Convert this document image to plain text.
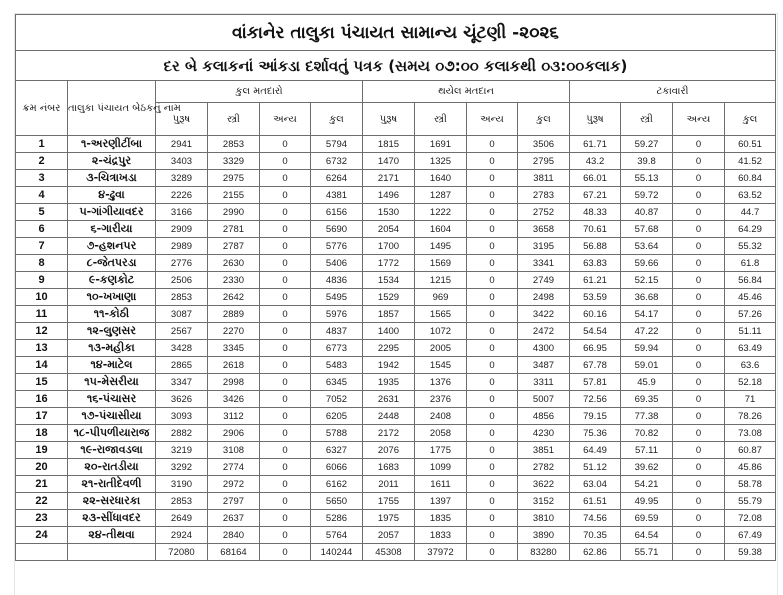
વાંકાનેર તાલુકા પંચાયત સામાન્ય ચૂંટણી -૨૦૨૬													
દર બે કલાકનાં આંકડા દર્શાવતું પત્રક (સમય ૦૭:૦૦ કલાકથી ૦૩:૦૦કલાક)													
ક્રમ નંબર	તાલુકા પંચાયત બેઠકનું નામ	કુલ મતદારો				થયેલ મતદાન				ટકાવારી			
		પુરૂષ	સ્ત્રી	અન્ય	કુલ	પુરૂષ	સ્ત્રી	અન્ય	કુલ	પુરૂષ	સ્ત્રી	અન્ય	કુલ
1	૧-અરણીટીંબા	2941	2853	0	5794	1815	1691	0	3506	61.71	59.27	0	60.51
2	૨-ચંદ્રપુર	3403	3329	0	6732	1470	1325	0	2795	43.2	39.8	0	41.52
3	૩-ચિત્રાખડા	3289	2975	0	6264	2171	1640	0	3811	66.01	55.13	0	60.84
4	૪-ઢુવા	2226	2155	0	4381	1496	1287	0	2783	67.21	59.72	0	63.52
5	૫-ગાંગીયાવદર	3166	2990	0	6156	1530	1222	0	2752	48.33	40.87	0	44.7
6	૬-ગારીયા	2909	2781	0	5690	2054	1604	0	3658	70.61	57.68	0	64.29
7	૭-હશનપર	2989	2787	0	5776	1700	1495	0	3195	56.88	53.64	0	55.32
8	૮-જેતપરડા	2776	2630	0	5406	1772	1569	0	3341	63.83	59.66	0	61.8
9	૯-કણકોટ	2506	2330	0	4836	1534	1215	0	2749	61.21	52.15	0	56.84
10	૧૦-ખખાણા	2853	2642	0	5495	1529	969	0	2498	53.59	36.68	0	45.46
11	૧૧-કોઠી	3087	2889	0	5976	1857	1565	0	3422	60.16	54.17	0	57.26
12	૧૨-લુણસર	2567	2270	0	4837	1400	1072	0	2472	54.54	47.22	0	51.11
13	૧૩-મહીકા	3428	3345	0	6773	2295	2005	0	4300	66.95	59.94	0	63.49
14	૧૪-માટેલ	2865	2618	0	5483	1942	1545	0	3487	67.78	59.01	0	63.6
15	૧૫-મેસરીયા	3347	2998	0	6345	1935	1376	0	3311	57.81	45.9	0	52.18
16	૧૬-પંચાસર	3626	3426	0	7052	2631	2376	0	5007	72.56	69.35	0	71
17	૧૭-પંચાસીયા	3093	3112	0	6205	2448	2408	0	4856	79.15	77.38	0	78.26
18	૧૮-પીપળીયારાજ	2882	2906	0	5788	2172	2058	0	4230	75.36	70.82	0	73.08
19	૧૯-રાજાવડલા	3219	3108	0	6327	2076	1775	0	3851	64.49	57.11	0	60.87
20	૨૦-રાતડીયા	3292	2774	0	6066	1683	1099	0	2782	51.12	39.62	0	45.86
21	૨૧-રાતીદેવળી	3190	2972	0	6162	2011	1611	0	3622	63.04	54.21	0	58.78
22	૨૨-સરધારકા	2853	2797	0	5650	1755	1397	0	3152	61.51	49.95	0	55.79
23	૨૩-સીંધાવદર	2649	2637	0	5286	1975	1835	0	3810	74.56	69.59	0	72.08
24	૨૪-તીથવા	2924	2840	0	5764	2057	1833	0	3890	70.35	64.54	0	67.49
		72080	68164	0	140244	45308	37972	0	83280	62.86	55.71	0	59.38
